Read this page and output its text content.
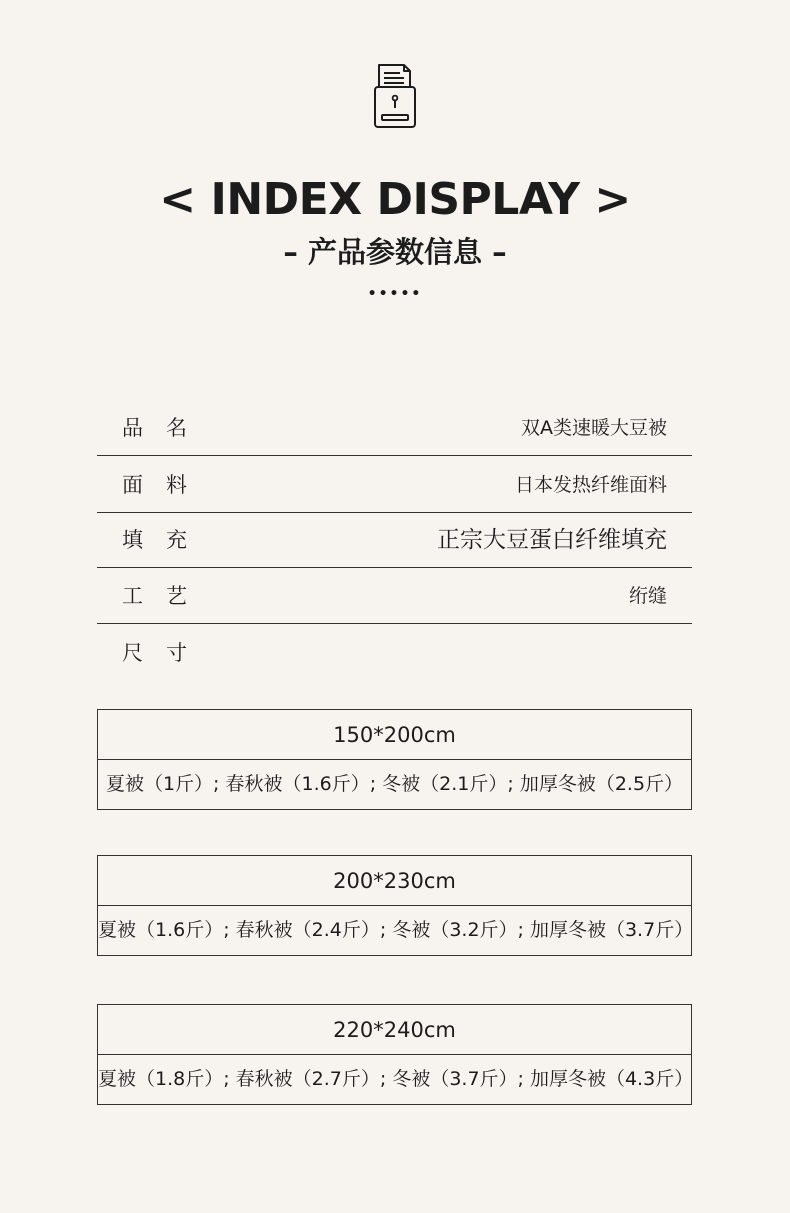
< INDEX DISPLAY >
– 产品参数信息 –
•••••
品 名	双A类速暖大豆被
面 料	日本发热纤维面料
填 充	正宗大豆蛋白纤维填充
工 艺	绗缝
尺 寸
150*200cm
夏被（1斤）; 春秋被（1.6斤）; 冬被（2.1斤）; 加厚冬被（2.5斤）
200*230cm
夏被（1.6斤）; 春秋被（2.4斤）; 冬被（3.2斤）; 加厚冬被（3.7斤）
220*240cm
夏被（1.8斤）; 春秋被（2.7斤）; 冬被（3.7斤）; 加厚冬被（4.3斤）
